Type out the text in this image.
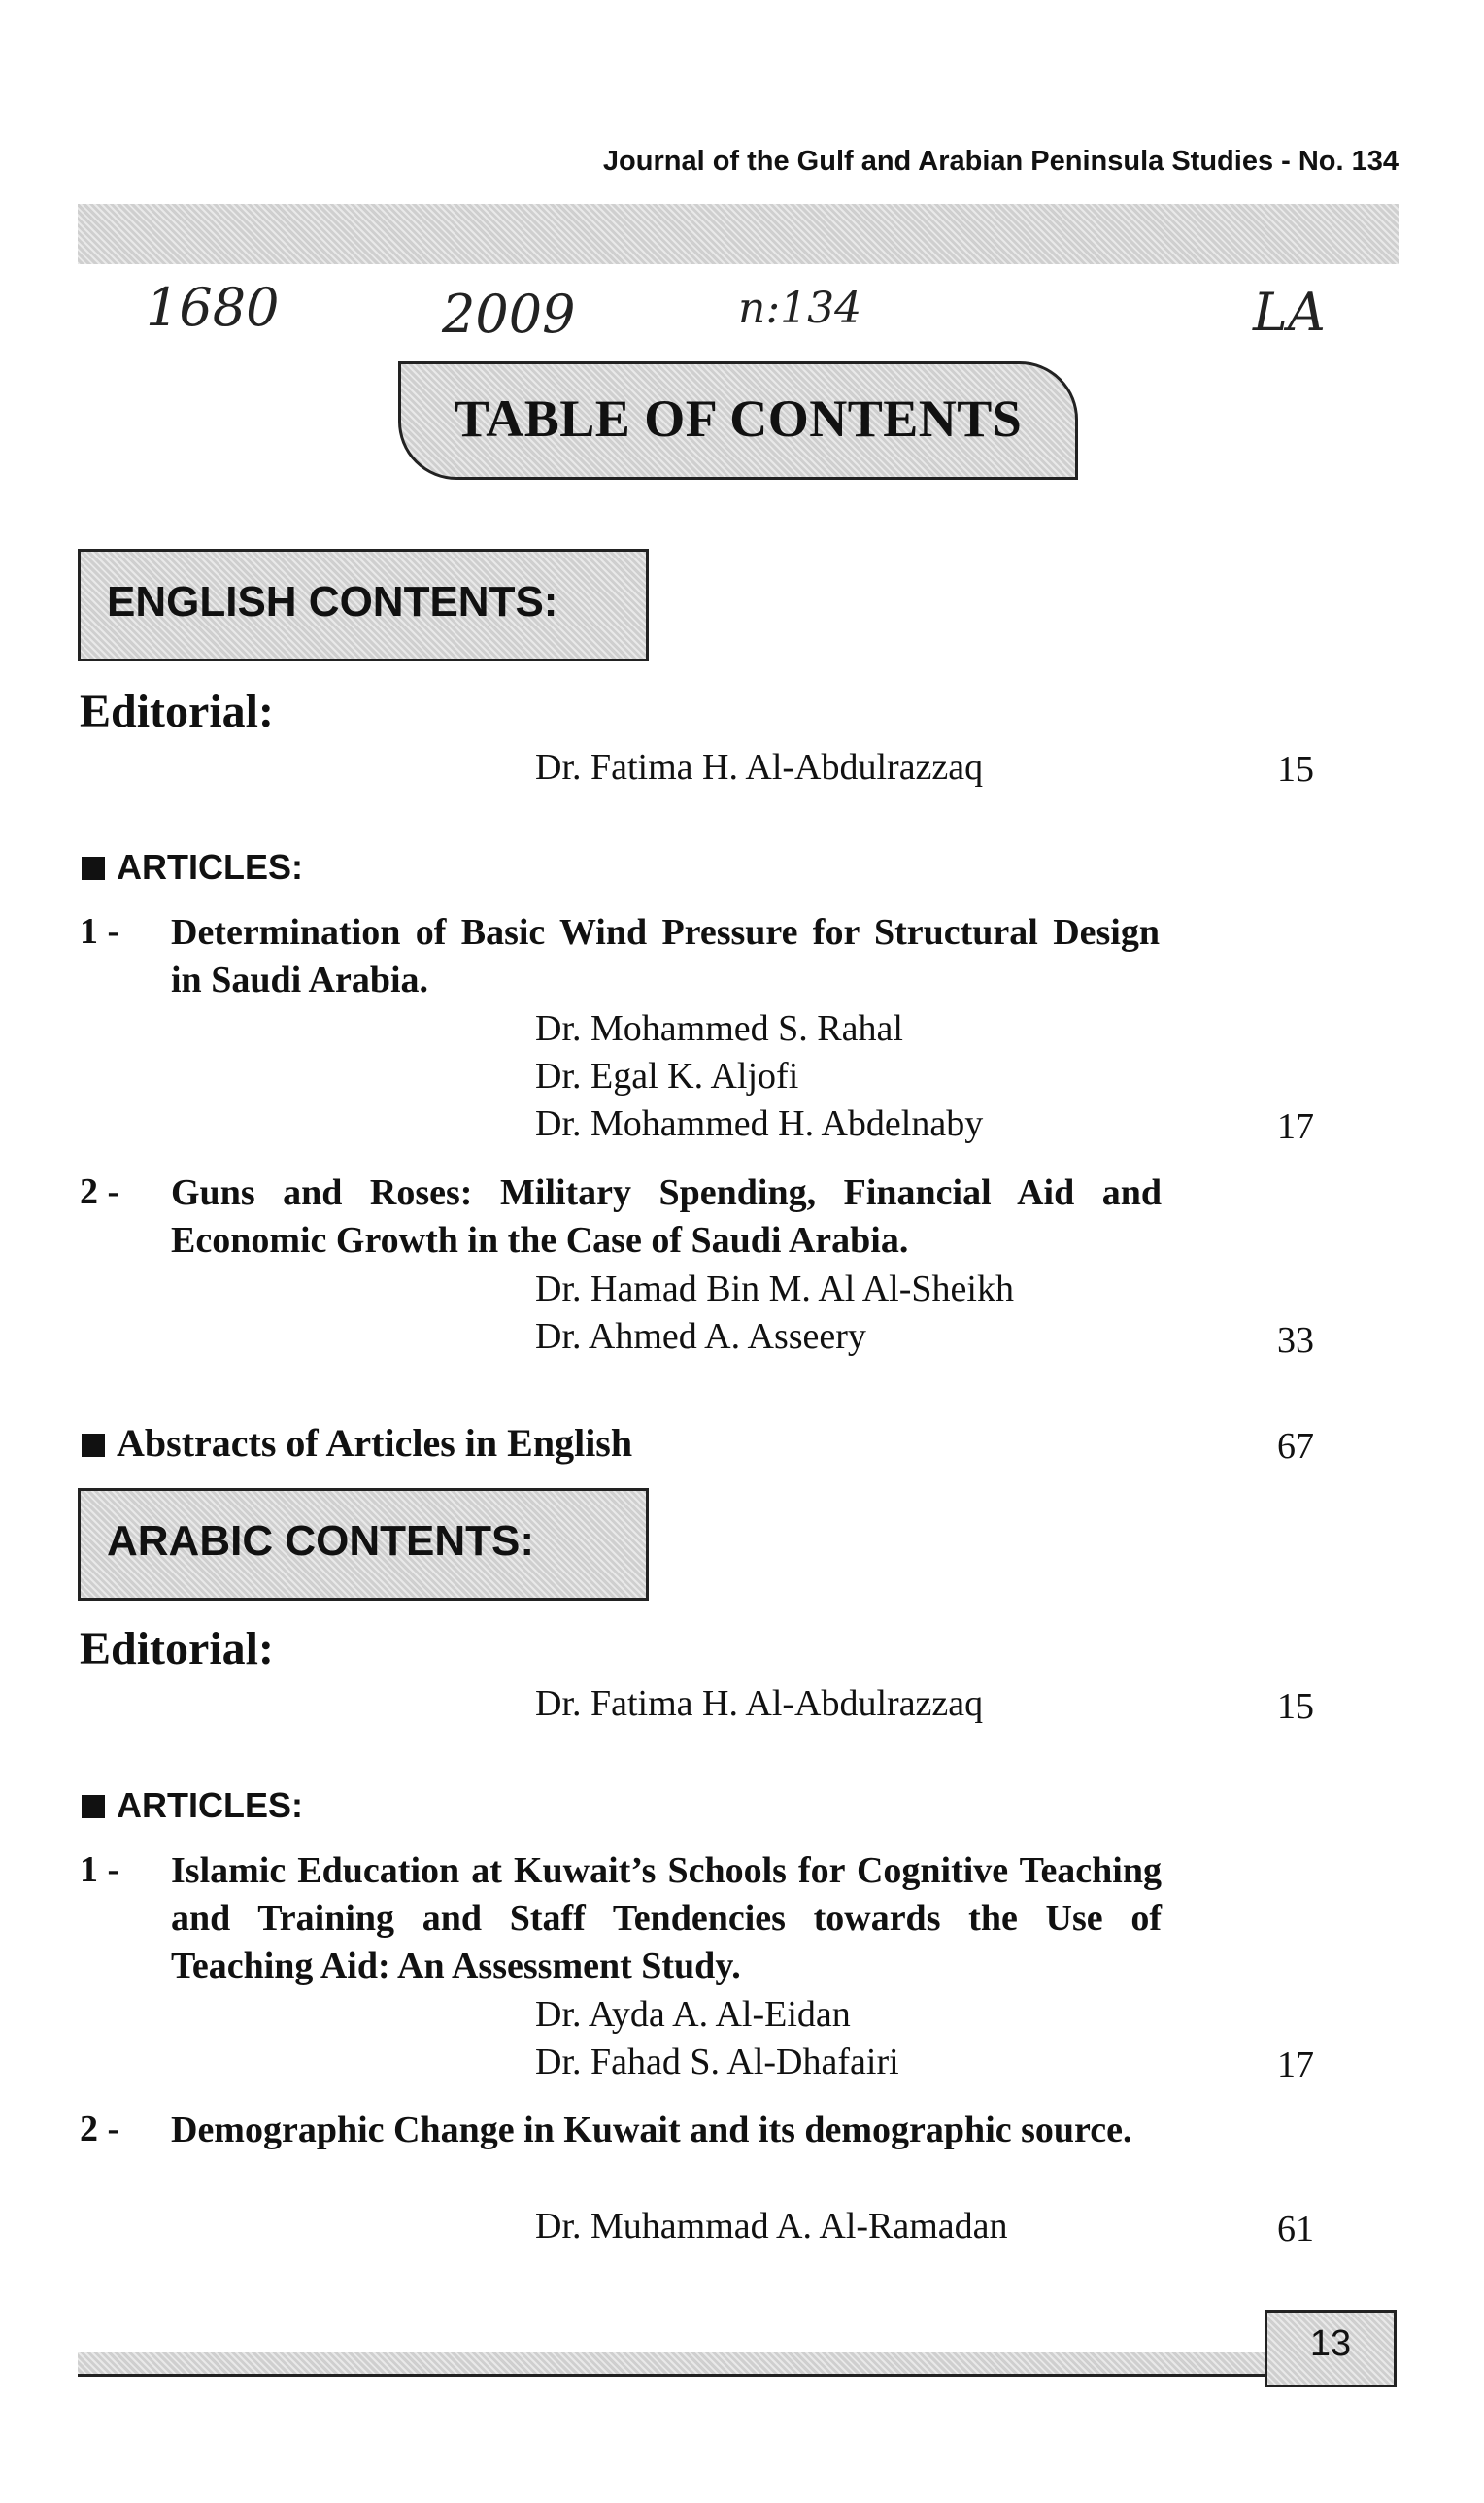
Journal of the Gulf and Arabian Peninsula Studies - No. 134
1680	2009	n:134	LA
TABLE OF CONTENTS
ENGLISH CONTENTS:
Editorial:
Dr. Fatima H. Al-Abdulrazzaq	15
ARTICLES:
1 - Determination of Basic Wind Pressure for Structural Design in Saudi Arabia.
Dr. Mohammed S. Rahal
Dr. Egal K. Aljofi
Dr. Mohammed H. Abdelnaby	17
2 - Guns and Roses: Military Spending, Financial Aid and Economic Growth in the Case of Saudi Arabia.
Dr. Hamad Bin M. Al Al-Sheikh
Dr. Ahmed A. Asseery	33
Abstracts of Articles in English	67
ARABIC CONTENTS:
Editorial:
Dr. Fatima H. Al-Abdulrazzaq	15
ARTICLES:
1 - Islamic Education at Kuwait’s Schools for Cognitive Teaching and Training and Staff Tendencies towards the Use of Teaching Aid: An Assessment Study.
Dr. Ayda A. Al-Eidan
Dr. Fahad S. Al-Dhafairi	17
2 - Demographic Change in Kuwait and its demographic source.
Dr. Muhammad A. Al-Ramadan	61
13
